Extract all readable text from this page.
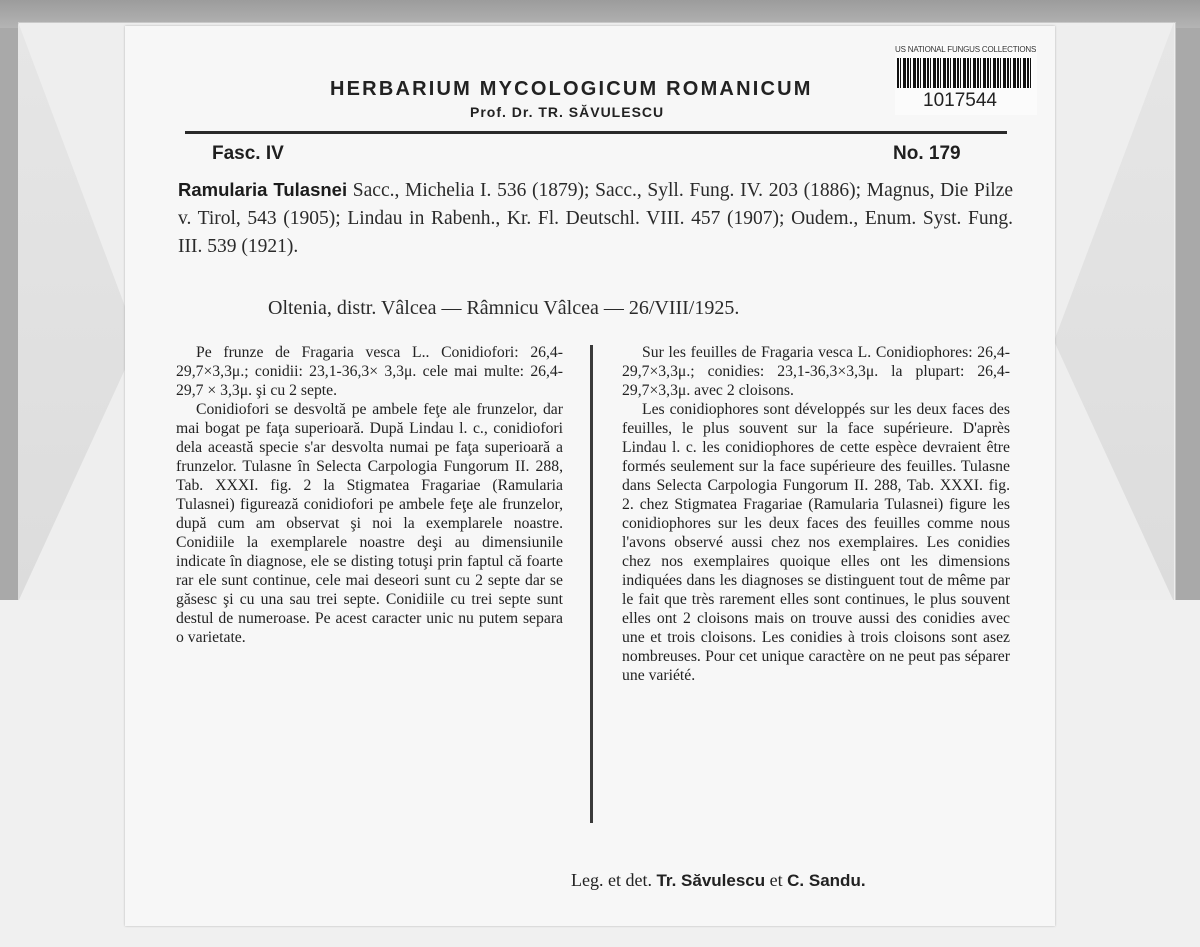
US NATIONAL FUNGUS COLLECTIONS
1017544
HERBARIUM MYCOLOGICUM ROMANICUM
Prof. Dr. TR. SĂVULESCU
Fasc. IV	No. 179
Ramularia Tulasnei Sacc., Michelia I. 536 (1879); Sacc., Syll. Fung. IV. 203 (1886); Magnus, Die Pilze v. Tirol, 543 (1905); Lindau in Rabenh., Kr. Fl. Deutschl. VIII. 457 (1907); Oudem., Enum. Syst. Fung. III. 539 (1921).
Oltenia, distr. Vâlcea — Râmnicu Vâlcea — 26/VIII/1925.

Pe frunze de Fragaria vesca L.. Conidiofori: 26,4-29,7×3,3μ.; conidii: 23,1-36,3× 3,3μ. cele mai multe: 26,4-29,7 × 3,3μ. şi cu 2 septe.

Conidiofori se desvoltă pe ambele feţe ale frunzelor, dar mai bogat pe faţa superioară. După Lindau l. c., conidiofori dela această specie s'ar desvolta numai pe faţa superioară a frunzelor. Tulasne în Selecta Carpologia Fungorum II. 288, Tab. XXXI. fig. 2 la Stigmatea Fragariae (Ramularia Tulasnei) figurează conidiofori pe ambele feţe ale frunzelor, după cum am observat şi noi la exemplarele noastre. Conidiile la exemplarele noastre deşi au dimensiunile indicate în diagnose, ele se disting totuşi prin faptul că foarte rar ele sunt continue, cele mai deseori sunt cu 2 septe dar se găsesc şi cu una sau trei septe. Conidiile cu trei septe sunt destul de numeroase. Pe acest caracter unic nu putem separa o varietate.

Sur les feuilles de Fragaria vesca L. Conidiophores: 26,4-29,7×3,3μ.; conidies: 23,1-36,3×3,3μ. la plupart: 26,4-29,7×3,3μ. avec 2 cloisons.

Les conidiophores sont développés sur les deux faces des feuilles, le plus souvent sur la face supérieure. D'après Lindau l. c. les conidiophores de cette espèce devraient être formés seulement sur la face supérieure des feuilles. Tulasne dans Selecta Carpologia Fungorum II. 288, Tab. XXXI. fig. 2. chez Stigmatea Fragariae (Ramularia Tulasnei) figure les conidiophores sur les deux faces des feuilles comme nous l'avons observé aussi chez nos exemplaires. Les conidies chez nos exemplaires quoique elles ont les dimensions indiquées dans les diagnoses se distinguent tout de même par le fait que très rarement elles sont continues, le plus souvent elles ont 2 cloisons mais on trouve aussi des conidies avec une et trois cloisons. Les conidies à trois cloisons sont asez nombreuses. Pour cet unique caractère on ne peut pas séparer une variété.

Leg. et det. Tr. Săvulescu et C. Sandu.
